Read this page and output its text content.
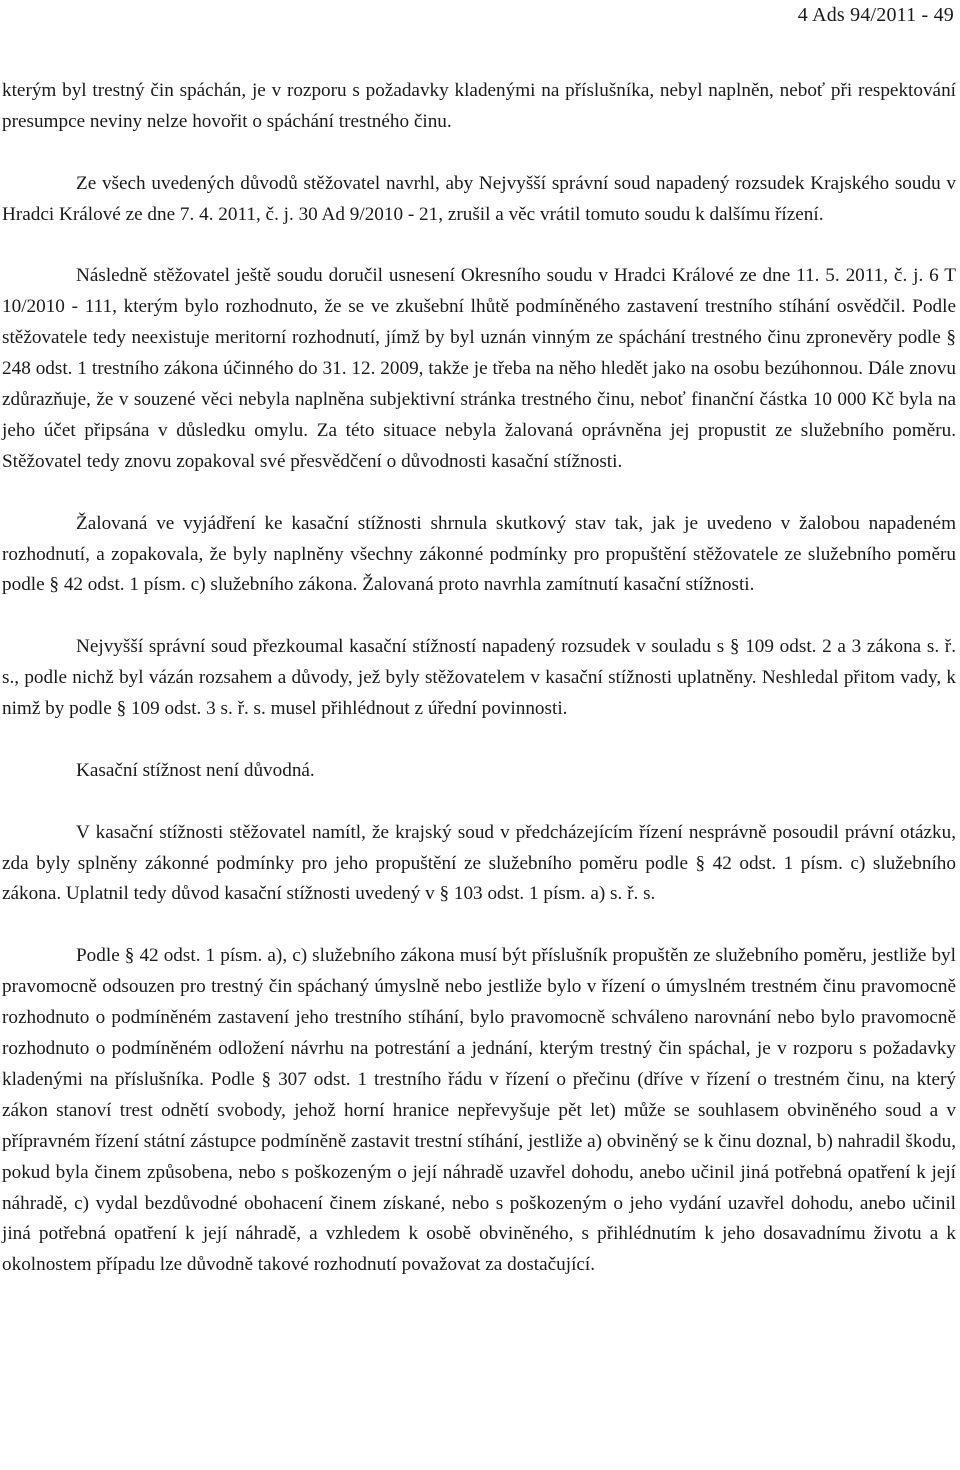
4 Ads 94/2011 - 49

kterým byl trestný čin spáchán, je v rozporu s požadavky kladenými na příslušníka, nebyl naplněn, neboť při respektování presumpce neviny nelze hovořit o spáchání trestného činu.

Ze všech uvedených důvodů stěžovatel navrhl, aby Nejvyšší správní soud napadený rozsudek Krajského soudu v Hradci Králové ze dne 7. 4. 2011, č. j. 30 Ad 9/2010 - 21, zrušil a věc vrátil tomuto soudu k dalšímu řízení.

Následně stěžovatel ještě soudu doručil usnesení Okresního soudu v Hradci Králové ze dne 11. 5. 2011, č. j. 6 T 10/2010 - 111, kterým bylo rozhodnuto, že se ve zkušební lhůtě podmíněného zastavení trestního stíhání osvědčil. Podle stěžovatele tedy neexistuje meritorní rozhodnutí, jímž by byl uznán vinným ze spáchání trestného činu zpronevěry podle § 248 odst. 1 trestního zákona účinného do 31. 12. 2009, takže je třeba na něho hledět jako na osobu bezúhonnou. Dále znovu zdůrazňuje, že v souzené věci nebyla naplněna subjektivní stránka trestného činu, neboť finanční částka 10 000 Kč byla na jeho účet připsána v důsledku omylu. Za této situace nebyla žalovaná oprávněna jej propustit ze služebního poměru. Stěžovatel tedy znovu zopakoval své přesvědčení o důvodnosti kasační stížnosti.

Žalovaná ve vyjádření ke kasační stížnosti shrnula skutkový stav tak, jak je uvedeno v žalobou napadeném rozhodnutí, a zopakovala, že byly naplněny všechny zákonné podmínky pro propuštění stěžovatele ze služebního poměru podle § 42 odst. 1 písm. c) služebního zákona. Žalovaná proto navrhla zamítnutí kasační stížnosti.

Nejvyšší správní soud přezkoumal kasační stížností napadený rozsudek v souladu s § 109 odst. 2 a 3 zákona s. ř. s., podle nichž byl vázán rozsahem a důvody, jež byly stěžovatelem v kasační stížnosti uplatněny. Neshledal přitom vady, k nimž by podle § 109 odst. 3 s. ř. s. musel přihlédnout z úřední povinnosti.

Kasační stížnost není důvodná.

V kasační stížnosti stěžovatel namítl, že krajský soud v předcházejícím řízení nesprávně posoudil právní otázku, zda byly splněny zákonné podmínky pro jeho propuštění ze služebního poměru podle § 42 odst. 1 písm. c) služebního zákona. Uplatnil tedy důvod kasační stížnosti uvedený v § 103 odst. 1 písm. a) s. ř. s.

Podle § 42 odst. 1 písm. a), c) služebního zákona musí být příslušník propuštěn ze služebního poměru, jestliže byl pravomocně odsouzen pro trestný čin spáchaný úmyslně nebo jestliže bylo v řízení o úmyslném trestném činu pravomocně rozhodnuto o podmíněném zastavení jeho trestního stíhání, bylo pravomocně schváleno narovnání nebo bylo pravomocně rozhodnuto o podmíněném odložení návrhu na potrestání a jednání, kterým trestný čin spáchal, je v rozporu s požadavky kladenými na příslušníka. Podle § 307 odst. 1 trestního řádu v řízení o přečinu (dříve v řízení o trestném činu, na který zákon stanoví trest odnětí svobody, jehož horní hranice nepřevyšuje pět let) může se souhlasem obviněného soud a v přípravném řízení státní zástupce podmíněně zastavit trestní stíhání, jestliže a) obviněný se k činu doznal, b) nahradil škodu, pokud byla činem způsobena, nebo s poškozeným o její náhradě uzavřel dohodu, anebo učinil jiná potřebná opatření k její náhradě, c) vydal bezdůvodné obohacení činem získané, nebo s poškozeným o jeho vydání uzavřel dohodu, anebo učinil jiná potřebná opatření k její náhradě, a vzhledem k osobě obviněného, s přihlédnutím k jeho dosavadnímu životu a k okolnostem případu lze důvodně takové rozhodnutí považovat za dostačující.
